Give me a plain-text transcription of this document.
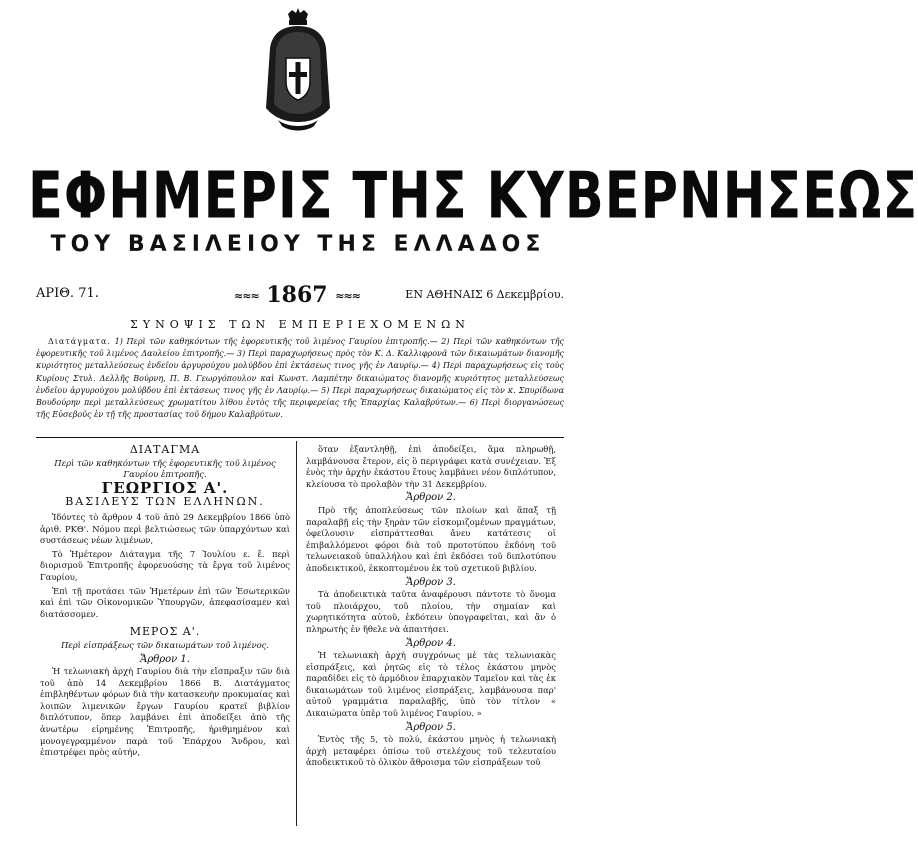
ΕΦΗΜΕΡΙΣ ΤΗΣ ΚΥΒΕΡΝΗΣΕΩΣ
ΤΟΥ ΒΑΣΙΛΕΙΟΥ ΤΗΣ ΕΛΛΑΔΟΣ
ΑΡΙΘ. 71.	≈≈≈ 1867 ≈≈≈	ΕΝ ΑΘΗΝΑΙΣ 6 Δεκεμβρίου.
ΣΥΝΟΨΙΣ ΤΩΝ ΕΜΠΕΡΙΕΧΟΜΕΝΩΝ
Διατάγματα. 1) Περὶ τῶν καθηκόντων τῆς ἐφορευτικῆς τοῦ λιμένος Γαυρίου ἐπιτροπῆς.— 2) Περὶ τῶν καθηκόντων τῆς ἐφορευτικῆς τοῦ λιμένος Δαυλείου ἐπιτροπῆς.— 3) Περὶ παραχωρήσεως πρὸς τὸν Κ. Δ. Καλλιφρονᾶ τῶν δικαιωμάτων διανομῆς κυριότητος μεταλλεύσεως ἐνδεῖου ἀργυρούχου μολύβδου ἐπὶ ἐκτάσεως τινος γῆς ἐν Λαυρίῳ.— 4) Περὶ παραχωρήσεως εἰς τοὺς Κυρίους Στυλ. Δελλῆς Βούρνη, Π. Β. Γεωργόπουλον καὶ Κωνστ. Λαμπέτην δικαιώματος διανομῆς κυριότητος μεταλλεύσεως ἐνδεῖου ἀργυρούχου μολύβδου ἐπὶ ἐκτάσεως τινος γῆς ἐν Λαυρίῳ.— 5) Περὶ παραχωρήσεως δικαιώματος εἰς τὸν κ. Σπυρίδωνα Βουδούρην περὶ μεταλλεύσεως χρωματίτου λίθου ἐντὸς τῆς περιφερείας τῆς Ἐπαρχίας Καλαβρύτων.— 6) Περὶ διοργανώσεως τῆς Εὐσεβοῦς ἐν τῇ τῆς προστασίας τοῦ δήμου Καλαβρύτων.
ΔΙΑΤΑΓΜΑ
Περὶ τῶν καθηκόντων τῆς ἐφορευτικῆς τοῦ λιμένος Γαυρίου ἐπιτροπῆς.
ΓΕΩΡΓΙΟΣ Α'.
ΒΑΣΙΛΕΥΣ ΤΩΝ ΕΛΛΗΝΩΝ.

Ἰδόντες τὸ ἄρθρον 4 τοῦ ἀπὸ 29 Δεκεμβρίου 1866 ὑπὸ ἀριθ. ΡΚΘ'. Νόμου περὶ βελτιώσεως τῶν ὑπαρχόντων καὶ συστάσεως νέων λιμένων,

Τὸ Ἡμέτερον Διάταγμα τῆς 7 Ἰουλίου ε. ἔ. περὶ διορισμοῦ Ἐπιτροπῆς ἐφορευούσης τὰ ἔργα τοῦ λιμένος Γαυρίου,

Ἐπὶ τῇ προτάσει τῶν Ἡμετέρων ἐπὶ τῶν Ἐσωτερικῶν καὶ ἐπὶ τῶν Οἰκονομικῶν Ὑπουργῶν, ἀπεφασίσαμεν καὶ διατάσσομεν.

ΜΕΡΟΣ Α'.
Περὶ εἰσπράξεως τῶν δικαιωμάτων τοῦ λιμένος.
Ἄρθρον 1.

Ἡ τελωνιακὴ ἀρχὴ Γαυρίου διὰ τὴν εἴσπραξιν τῶν διὰ τοῦ ἀπὸ 14 Δεκεμβρίου 1866 Β. Διατάγματος ἐπιβληθέντων φόρων διὰ τὴν κατασκευὴν προκυμαίας καὶ λοιπῶν λιμενικῶν ἔργων Γαυρίου κρατεῖ βιβλίον διπλότυπον, ὅπερ λαμβάνει ἐπὶ ἀποδείξει ἀπὸ τῆς ἀνωτέρω εἰρημένης Ἐπιτροπῆς, ἠριθμημένον καὶ μονογεγραμμένον παρὰ τοῦ Ἐπάρχου Ἄνδρου, καὶ ἐπιστρέφει πρὸς αὐτήν,

ὅταν ἐξαντληθῇ, ἐπὶ ἀποδείξει, ἅμα πληρωθῇ, λαμβάνουσα ἕτερον, εἰς ὃ περιγράφει κατὰ συνέχειαν. Ἐξ ἑνὸς τὴν ἀρχὴν ἑκάστου ἔτους λαμβάνει νέον διπλότυπον, κλείουσα τὸ προλαβὸν τὴν 31 Δεκεμβρίου.

Ἄρθρον 2.

Πρὸ τῆς ἀποπλεύσεως τῶν πλοίων καὶ ἅπαξ τῇ παραλαβῇ εἰς τὴν ξηρὰν τῶν εἰσκομιζομένων πραγμάτων, ὀφείλουσιν εἰσπράττεσθαι ἄνευ κατάτεσις οἱ ἐπιβαλλόμενοι φόροι διὰ τοῦ προτοτύπου ἐκδόνη τοῦ τελωνειακοῦ ὑπαλλήλου καὶ ἐπὶ ἐκδόσει τοῦ διπλοτύπου ἀποδεικτικοῦ, ἐκκοπτομένου ἐκ τοῦ σχετικοῦ βιβλίου.

Ἄρθρον 3.

Τὰ ἀποδεικτικὰ ταῦτα ἀναφέρουσι πάντοτε τὸ ὄνομα τοῦ πλοιάρχου, τοῦ πλοίου, τὴν σημαίαν καὶ χωρητικότητα αὐτοῦ, ἐκδότειν ὑπογραφεῖται, καὶ ἂν ὁ πληρωτὴς ἐν ἤθελε νὰ ἀπαιτήσει.

Ἄρθρον 4.

Ἡ τελωνιακὴ ἀρχὴ συγχρόνως μὲ τὰς τελωνιακὰς εἰσπράξεις, καὶ ῥητῶς εἰς τὸ τέλος ἑκάστου μηνὸς παραδίδει εἰς τὸ ἁρμόδιον ἐπαρχιακὸν Ταμεῖον καὶ τὰς ἐκ δικαιωμάτων τοῦ λιμένος εἰσπράξεις, λαμβάνουσα παρ' αὐτοῦ γραμμάτια παραλαβῆς, ὑπὸ τὸν τίτλον « Δικαιώματα ὑπὲρ τοῦ λιμένος Γαυρίου. »

Ἄρθρον 5.

Ἐντὸς τῆς 5, τὸ πολύ, ἑκάστου μηνὸς ἡ τελωνιακὴ ἀρχὴ μεταφέρει ὀπίσω τοῦ στελέχους τοῦ τελευταίου ἀποδεικτικοῦ τὸ ὁλικὸν ἄθροισμα τῶν εἰσπράξεων τοῦ
